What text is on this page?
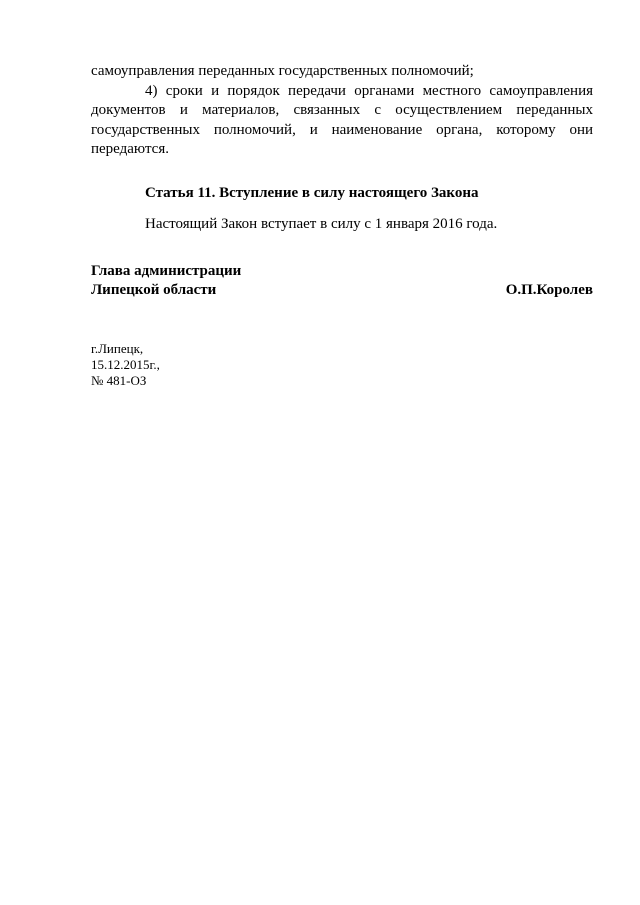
самоуправления переданных государственных полномочий;

4) сроки и порядок передачи органами местного самоуправления документов и материалов, связанных с осуществлением переданных государственных полномочий, и наименование органа, которому они передаются.

Статья 11. Вступление в силу настоящего Закона
Настоящий Закон вступает в силу с 1 января 2016 года.
Глава администрации
Липецкой области	О.П.Королев
г.Липецк,
15.12.2015г.,
№ 481-ОЗ
